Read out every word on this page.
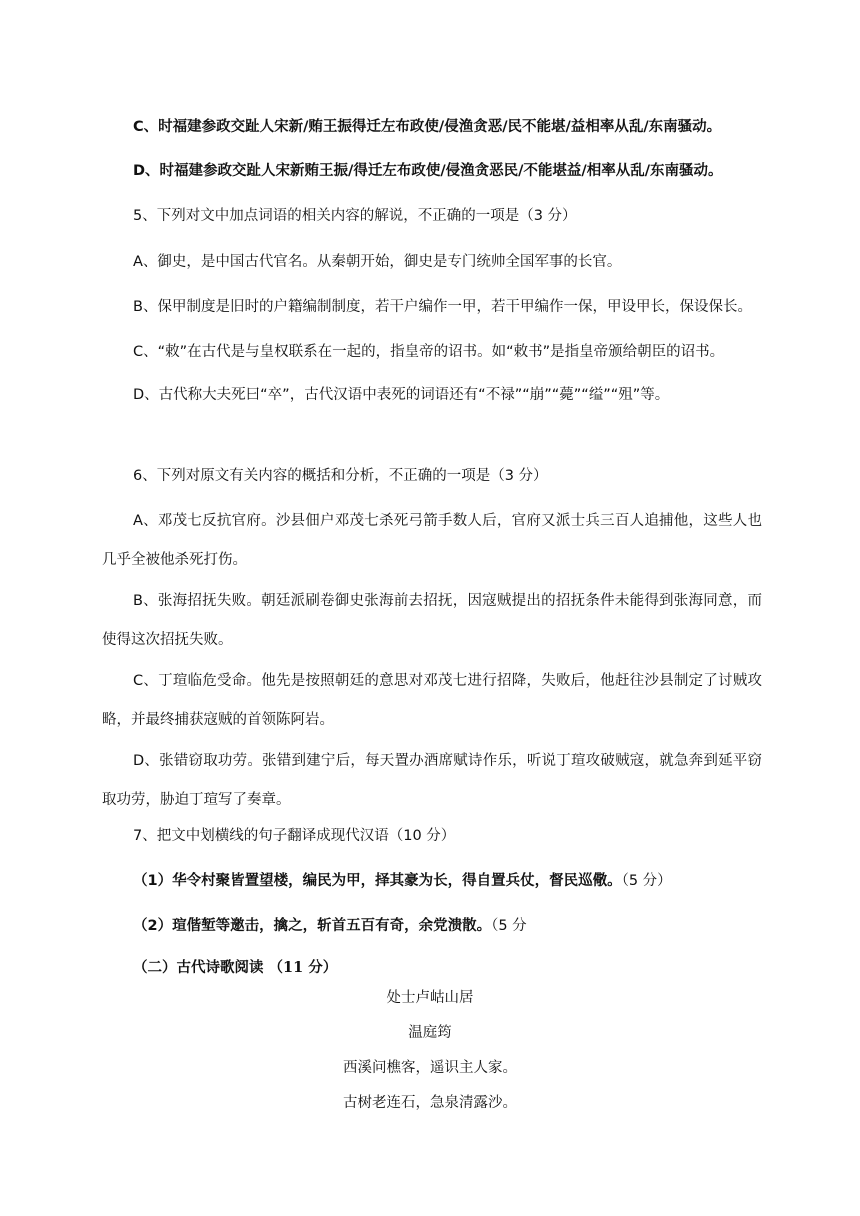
C、时福建参政交趾人宋新/贿王振得迁左布政使/侵渔贪恶/民不能堪/益相率从乱/东南骚动。
D、时福建参政交趾人宋新贿王振/得迁左布政使/侵渔贪恶民/不能堪益/相率从乱/东南骚动。
5、下列对文中加点词语的相关内容的解说，不正确的一项是（3 分）
A、御史，是中国古代官名。从秦朝开始，御史是专门统帅全国军事的长官。
B、保甲制度是旧时的户籍编制制度，若干户编作一甲，若干甲编作一保，甲设甲长，保设保长。
C、“敕”在古代是与皇权联系在一起的，指皇帝的诏书。如“敕书”是指皇帝颁给朝臣的诏书。
D、古代称大夫死曰“卒”，古代汉语中表死的词语还有“不禄”“崩”“薨”“缢”“殂”等。
6、下列对原文有关内容的概括和分析，不正确的一项是（3 分）
A、邓茂七反抗官府。沙县佃户邓茂七杀死弓箭手数人后，官府又派士兵三百人追捕他，这些人也几乎全被他杀死打伤。
B、张海招抚失败。朝廷派刷卷御史张海前去招抚，因寇贼提出的招抚条件未能得到张海同意，而使得这次招抚失败。
C、丁瑄临危受命。他先是按照朝廷的意思对邓茂七进行招降，失败后，他赶往沙县制定了讨贼攻略，并最终捕获寇贼的首领陈阿岩。
D、张错窃取功劳。张错到建宁后，每天置办酒席赋诗作乐，听说丁瑄攻破贼寇，就急奔到延平窃取功劳，胁迫丁瑄写了奏章。
7、把文中划横线的句子翻译成现代汉语（10 分）
（1）华令村聚皆置望楼，编民为甲，择其豪为长，得自置兵仗，督民巡儆。（5 分）
（2）瑄偕堑等邀击，擒之，斩首五百有奇，余党溃散。（5 分
（二）古代诗歌阅读 （11 分）
处士卢岵山居
温庭筠
西溪问樵客，遥识主人家。
古树老连石，急泉清露沙。
